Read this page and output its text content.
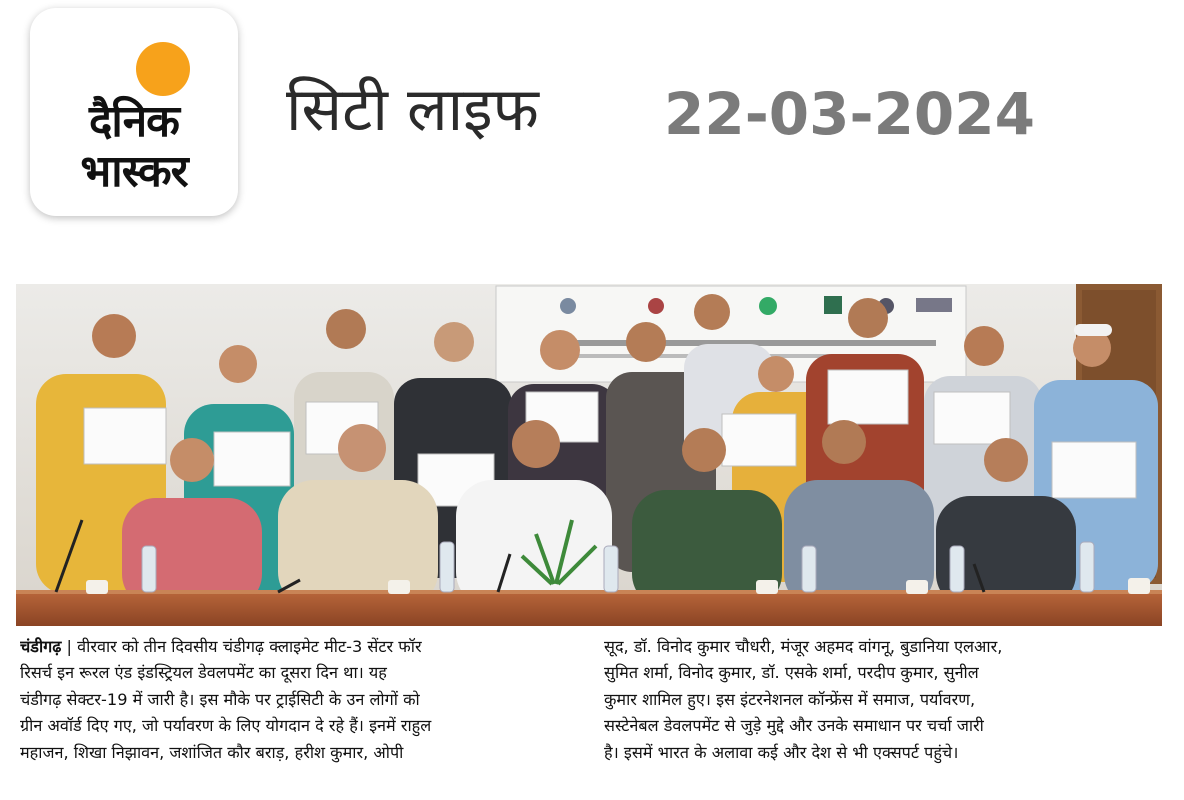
दैनिक
भास्कर
सिटी लाइफ 22-03-2024
चंडीगढ़ | वीरवार को तीन दिवसीय चंडीगढ़ क्लाइमेट मीट-3 सेंटर फॉर
रिसर्च इन रूरल एंड इंडस्ट्रियल डेवलपमेंट का दूसरा दिन था। यह
चंडीगढ़ सेक्टर-19 में जारी है। इस मौके पर ट्राईसिटी के उन लोगों को
ग्रीन अवॉर्ड दिए गए, जो पर्यावरण के लिए योगदान दे रहे हैं। इनमें राहुल
महाजन, शिखा निझावन, जशांजित कौर बराड़, हरीश कुमार, ओपी
सूद, डॉ. विनोद कुमार चौधरी, मंजूर अहमद वांगनू, बुडानिया एलआर,
सुमित शर्मा, विनोद कुमार, डॉ. एसके शर्मा, परदीप कुमार, सुनील
कुमार शामिल हुए। इस इंटरनेशनल कॉन्फ्रेंस में समाज, पर्यावरण,
सस्टेनेबल डेवलपमेंट से जुड़े मुद्दे और उनके समाधान पर चर्चा जारी
है। इसमें भारत के अलावा कई और देश से भी एक्सपर्ट पहुंचे।
